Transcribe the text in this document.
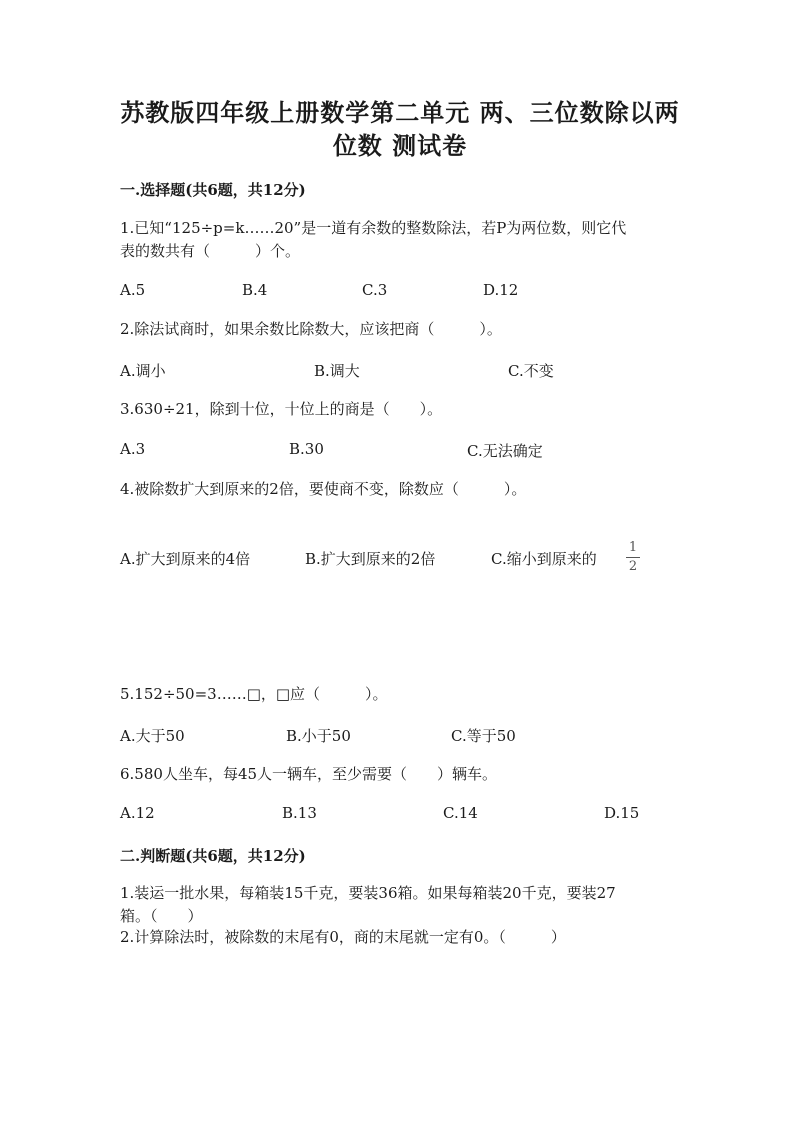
苏教版四年级上册数学第二单元 两、三位数除以两
位数 测试卷
一.选择题(共6题，共12分)
1.已知“125÷p=k……20”是一道有余数的整数除法，若P为两位数，则它代
表的数共有（　　　）个。
A.5	B.4	C.3	D.12
2.除法试商时，如果余数比除数大，应该把商（　　　）。
A.调小	B.调大	C.不变
3.630÷21，除到十位，十位上的商是（　　）。
A.3	B.30	C.无法确定
4.被除数扩大到原来的2倍，要使商不变，除数应（　　　）。
A.扩大到原来的4倍	B.扩大到原来的2倍	C.缩小到原来的
1
2
5.152÷50=3……□，□应（　　　）。
A.大于50	B.小于50	C.等于50
6.580人坐车，每45人一辆车，至少需要（　　）辆车。
A.12	B.13	C.14	D.15
二.判断题(共6题，共12分)
1.装运一批水果，每箱装15千克，要装36箱。如果每箱装20千克，要装27
箱。（　　）
2.计算除法时，被除数的末尾有0，商的末尾就一定有0。（　　　）
